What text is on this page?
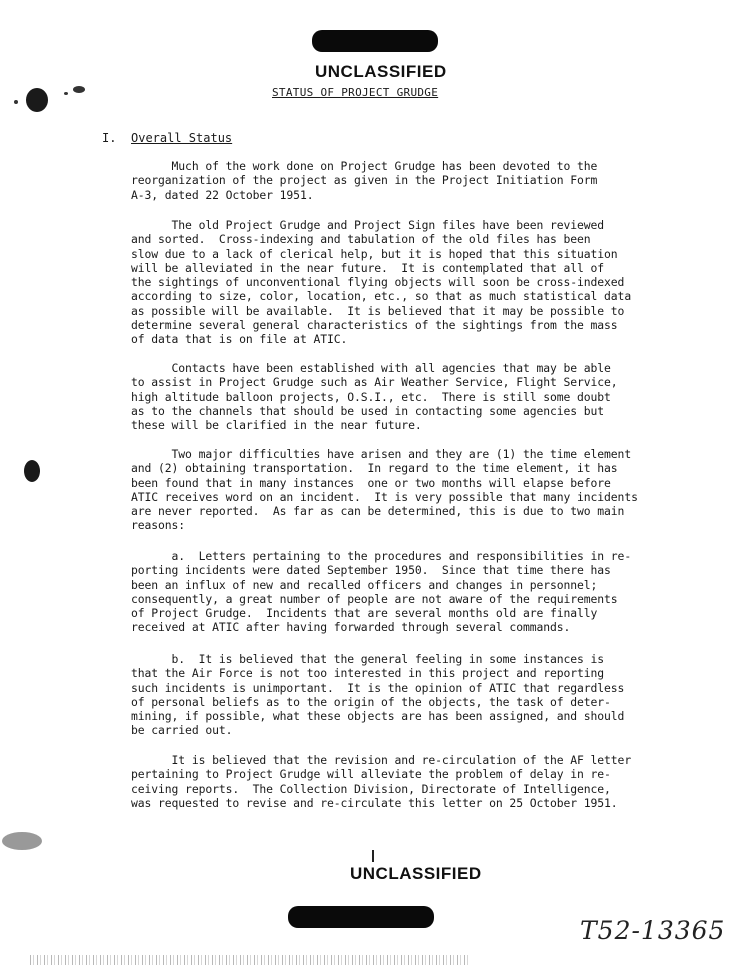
UNCLASSIFIED

STATUS OF PROJECT GRUDGE
I. Overall Status

Much of the work done on Project Grudge has been devoted to the
reorganization of the project as given in the Project Initiation Form
A-3, dated 22 October 1951.

The old Project Grudge and Project Sign files have been reviewed
and sorted.  Cross-indexing and tabulation of the old files has been
slow due to a lack of clerical help, but it is hoped that this situation
will be alleviated in the near future.  It is contemplated that all of
the sightings of unconventional flying objects will soon be cross-indexed
according to size, color, location, etc., so that as much statistical data
as possible will be available.  It is believed that it may be possible to
determine several general characteristics of the sightings from the mass
of data that is on file at ATIC.

Contacts have been established with all agencies that may be able
to assist in Project Grudge such as Air Weather Service, Flight Service,
high altitude balloon projects, O.S.I., etc.  There is still some doubt
as to the channels that should be used in contacting some agencies but
these will be clarified in the near future.

Two major difficulties have arisen and they are (1) the time element
and (2) obtaining transportation.  In regard to the time element, it has
been found that in many instances  one or two months will elapse before
ATIC receives word on an incident.  It is very possible that many incidents
are never reported.  As far as can be determined, this is due to two main
reasons:

a.  Letters pertaining to the procedures and responsibilities in re-
porting incidents were dated September 1950.  Since that time there has
been an influx of new and recalled officers and changes in personnel;
consequently, a great number of people are not aware of the requirements
of Project Grudge.  Incidents that are several months old are finally
received at ATIC after having forwarded through several commands.

b.  It is believed that the general feeling in some instances is
that the Air Force is not too interested in this project and reporting
such incidents is unimportant.  It is the opinion of ATIC that regardless
of personal beliefs as to the origin of the objects, the task of deter-
mining, if possible, what these objects are has been assigned, and should
be carried out.

It is believed that the revision and re-circulation of the AF letter
pertaining to Project Grudge will alleviate the problem of delay in re-
ceiving reports.  The Collection Division, Directorate of Intelligence,
was requested to revise and re-circulate this letter on 25 October 1951.

UNCLASSIFIED

T52-13365
